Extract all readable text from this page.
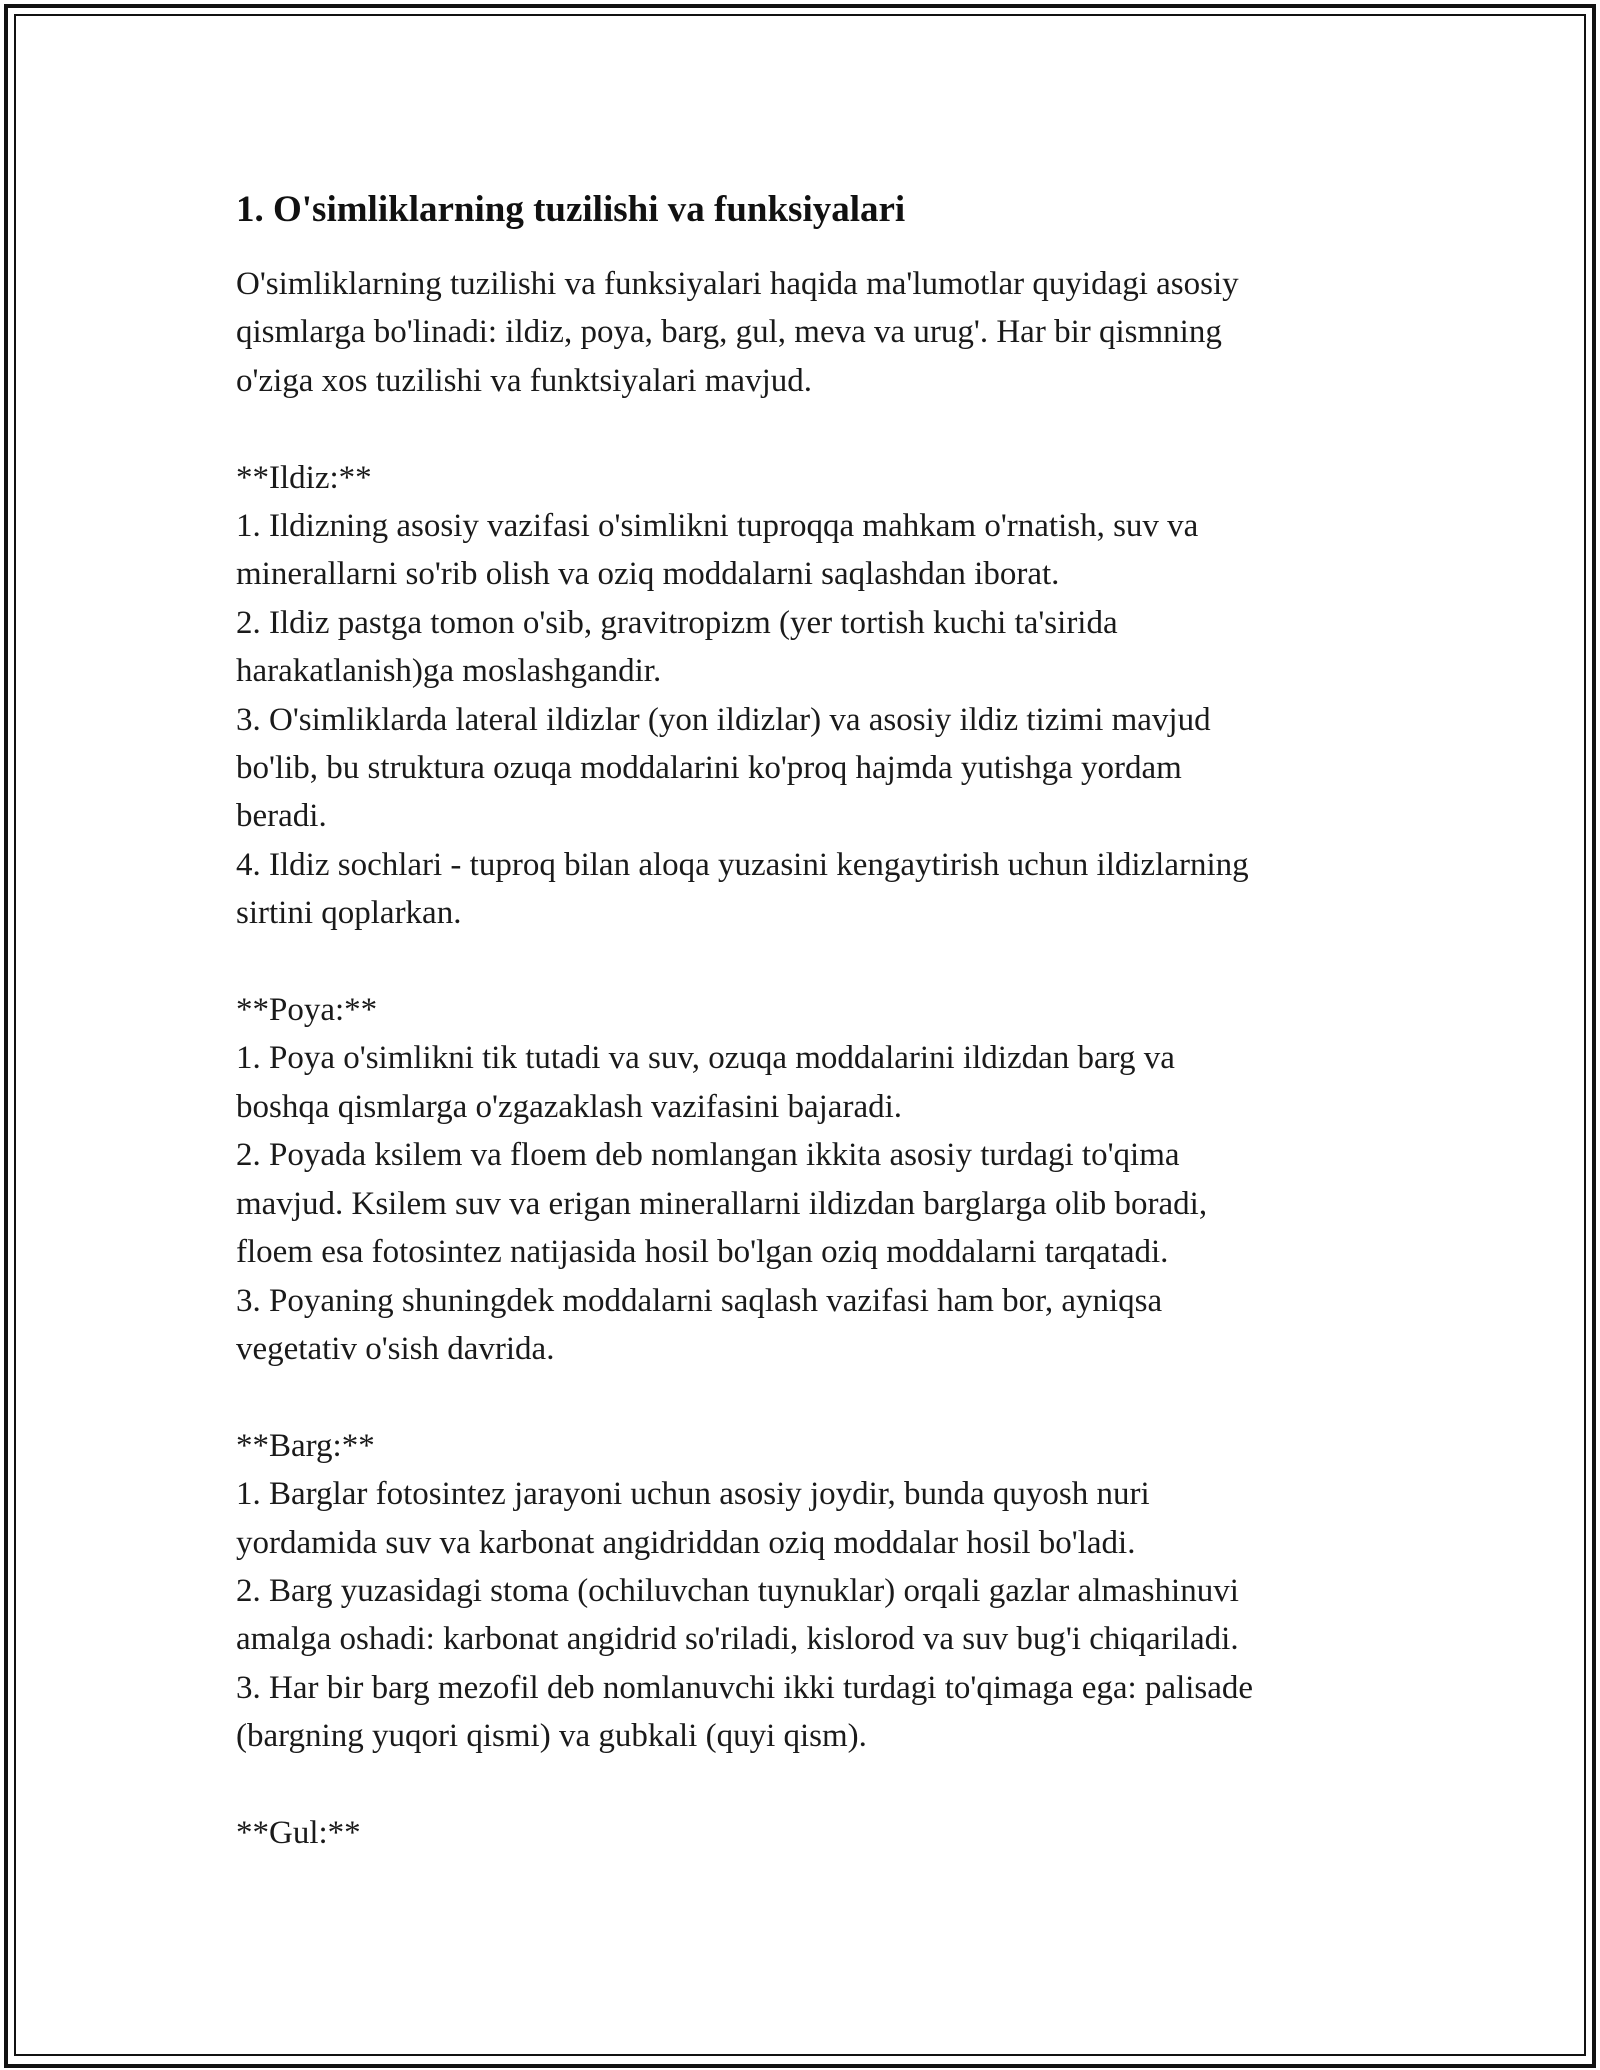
1. O'simliklarning tuzilishi va funksiyalari

O'simliklarning tuzilishi va funksiyalari haqida ma'lumotlar quyidagi asosiy
qismlarga bo'linadi: ildiz, poya, barg, gul, meva va urug'. Har bir qismning
o'ziga xos tuzilishi va funktsiyalari mavjud.

**Ildiz:**
1. Ildizning asosiy vazifasi o'simlikni tuproqqa mahkam o'rnatish, suv va
minerallarni so'rib olish va oziq moddalarni saqlashdan iborat.
2. Ildiz pastga tomon o'sib, gravitropizm (yer tortish kuchi ta'sirida
harakatlanish)ga moslashgandir.
3. O'simliklarda lateral ildizlar (yon ildizlar) va asosiy ildiz tizimi mavjud
bo'lib, bu struktura ozuqa moddalarini ko'proq hajmda yutishga yordam
beradi.
4. Ildiz sochlari - tuproq bilan aloqa yuzasini kengaytirish uchun ildizlarning
sirtini qoplarkan.
**Poya:**
1. Poya o'simlikni tik tutadi va suv, ozuqa moddalarini ildizdan barg va
boshqa qismlarga o'zgazaklash vazifasini bajaradi.
2. Poyada ksilem va floem deb nomlangan ikkita asosiy turdagi to'qima
mavjud. Ksilem suv va erigan minerallarni ildizdan barglarga olib boradi,
floem esa fotosintez natijasida hosil bo'lgan oziq moddalarni tarqatadi.
3. Poyaning shuningdek moddalarni saqlash vazifasi ham bor, ayniqsa
vegetativ o'sish davrida.
**Barg:**
1. Barglar fotosintez jarayoni uchun asosiy joydir, bunda quyosh nuri
yordamida suv va karbonat angidriddan oziq moddalar hosil bo'ladi.
2. Barg yuzasidagi stoma (ochiluvchan tuynuklar) orqali gazlar almashinuvi
amalga oshadi: karbonat angidrid so'riladi, kislorod va suv bug'i chiqariladi.
3. Har bir barg mezofil deb nomlanuvchi ikki turdagi to'qimaga ega: palisade
(bargning yuqori qismi) va gubkali (quyi qism).
**Gul:**
